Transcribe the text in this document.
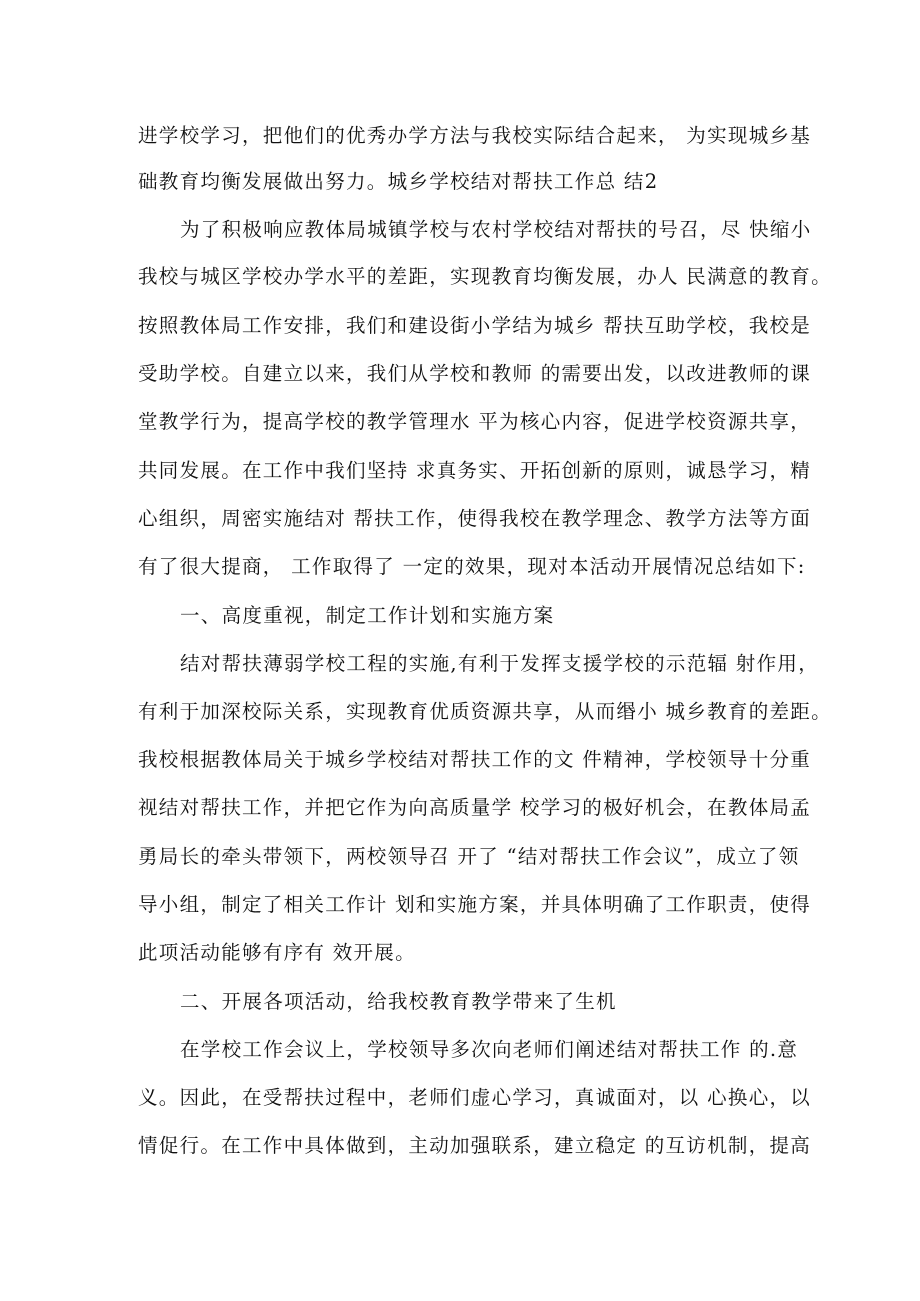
进学校学习，把他们的优秀办学方法与我校实际结合起来， 为实现城乡基
础教育均衡发展做出努力。城乡学校结对帮扶工作总 结2
为了积极响应教体局城镇学校与农村学校结对帮扶的号召，尽 快缩小
我校与城区学校办学水平的差距，实现教育均衡发展，办人 民满意的教育。
按照教体局工作安排，我们和建设街小学结为城乡 帮扶互助学校，我校是
受助学校。自建立以来，我们从学校和教师 的需要出发，以改进教师的课
堂教学行为，提高学校的教学管理水 平为核心内容，促进学校资源共享，
共同发展。在工作中我们坚持 求真务实、开拓创新的原则，诚恳学习，精
心组织，周密实施结对 帮扶工作，使得我校在教学理念、教学方法等方面
有了很大提商， 工作取得了 一定的效果，现对本活动开展情况总结如下:
一、高度重视，制定工作计划和实施方案
结对帮扶薄弱学校工程的实施,有利于发挥支援学校的示范辐 射作用，
有利于加深校际关系，实现教育优质资源共享，从而缗小 城乡教育的差距。
我校根据教体局关于城乡学校结对帮扶工作的文 件精神，学校领导十分重
视结对帮扶工作，并把它作为向高质量学 校学习的极好机会，在教体局孟
勇局长的牵头带领下，两校领导召 开了 “结对帮扶工作会议”，成立了领
导小组，制定了相关工作计 划和实施方案，并具体明确了工作职责，使得
此项活动能够有序有 效开展。
二、开展各项活动，给我校教育教学带来了生机
在学校工作会议上，学校领导多次向老师们阐述结对帮扶工作 的.意
义。因此，在受帮扶过程中，老师们虚心学习，真诚面对，以 心换心，以
情促行。在工作中具体做到，主动加强联系，建立稳定 的互访机制，提高
